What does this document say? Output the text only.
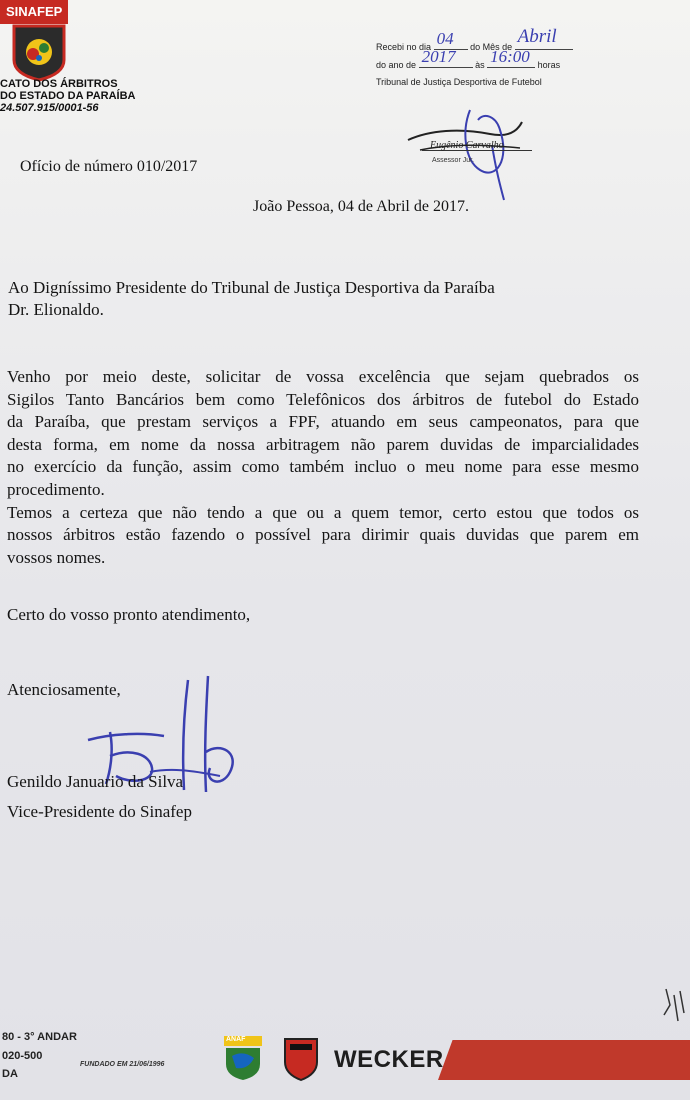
SINAFEP
CATO DOS ÁRBITROS
DO ESTADO DA PARAÍBA
24.507.915/0001-56
Recebi no dia 04 do Mês de Abril
do ano de 2017 às 16:00 horas
Tribunal de Justiça Desportiva de Futebol
Eugênio Carvalho
Assessor Jur.
Ofício de número 010/2017
João Pessoa, 04 de Abril de 2017.
Ao Digníssimo Presidente do Tribunal de Justiça Desportiva da Paraíba
Dr. Elionaldo.
Venho por meio deste, solicitar de vossa excelência que sejam quebrados os
Sigilos Tanto Bancários bem como Telefônicos dos árbitros de futebol do Estado
da Paraíba, que prestam serviços a FPF, atuando em seus campeonatos, para que
desta forma, em nome da nossa arbitragem não parem duvidas de imparcialidades
no exercício da função, assim como também incluo o meu nome para esse mesmo
procedimento.
Temos a certeza que não tendo a que ou a quem temor, certo estou que todos os
nossos árbitros estão fazendo o possível para dirimir quais duvidas que parem em
vossos nomes.
Certo do vosso pronto atendimento,
Atenciosamente,
Genildo Januario da Silva
Vice-Presidente do Sinafep
80 - 3° ANDAR
020-500
DA
FUNDADO EM 21/06/1996
ANAF
WECKER
